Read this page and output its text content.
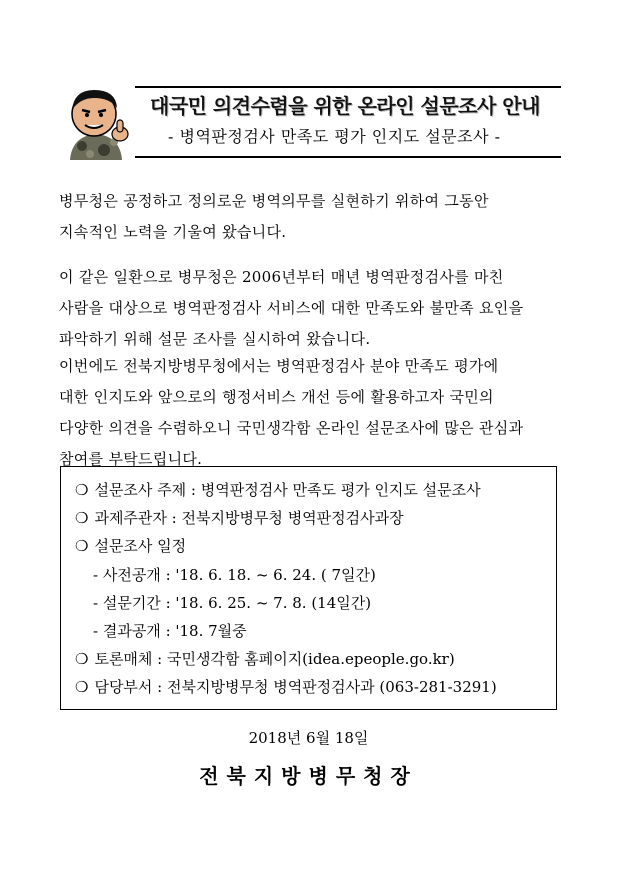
대국민 의견수렴을 위한 온라인 설문조사 안내
- 병역판정검사 만족도 평가 인지도 설문조사 -
병무청은 공정하고 정의로운 병역의무를 실현하기 위하여 그동안
지속적인 노력을 기울여 왔습니다.
이 같은 일환으로 병무청은 2006년부터 매년 병역판정검사를 마친
사람을 대상으로 병역판정검사 서비스에 대한 만족도와 불만족 요인을
파악하기 위해 설문 조사를 실시하여 왔습니다.
이번에도 전북지방병무청에서는 병역판정검사 분야 만족도 평가에
대한 인지도와 앞으로의 행정서비스 개선 등에 활용하고자 국민의
다양한 의견을 수렴하오니 국민생각함 온라인 설문조사에 많은 관심과
참여를 부탁드립니다.
❍ 설문조사 주제 : 병역판정검사 만족도 평가 인지도 설문조사
❍ 과제주관자 : 전북지방병무청 병역판정검사과장
❍ 설문조사 일정
- 사전공개 : '18. 6. 18. ~ 6. 24. ( 7일간)
- 설문기간 : '18. 6. 25. ~ 7. 8. (14일간)
- 결과공개 : '18. 7월중
❍ 토론매체 : 국민생각함 홈페이지(idea.epeople.go.kr)
❍ 담당부서 : 전북지방병무청 병역판정검사과 (063-281-3291)
2018년 6월 18일
전북지방병무청장
